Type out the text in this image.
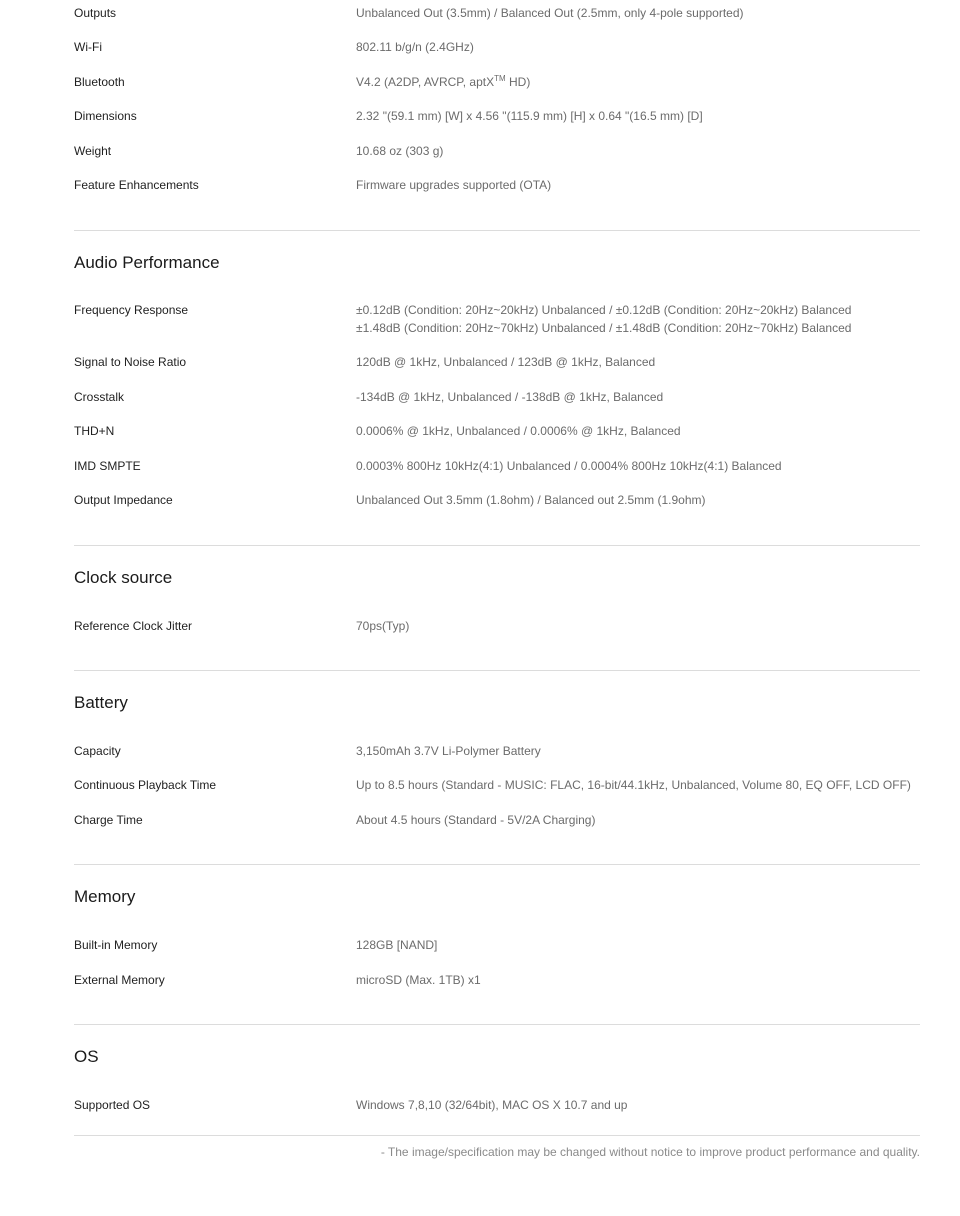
Outputs	Unbalanced Out (3.5mm) / Balanced Out (2.5mm, only 4-pole supported)
Wi-Fi	802.11 b/g/n (2.4GHz)
Bluetooth	V4.2 (A2DP, AVRCP, aptX™ HD)
Dimensions	2.32 "(59.1 mm) [W] x 4.56 "(115.9 mm) [H] x 0.64 "(16.5 mm) [D]
Weight	10.68 oz (303 g)
Feature Enhancements	Firmware upgrades supported (OTA)
Audio Performance
Frequency Response	±0.12dB (Condition: 20Hz~20kHz) Unbalanced / ±0.12dB (Condition: 20Hz~20kHz) Balanced
±1.48dB (Condition: 20Hz~70kHz) Unbalanced / ±1.48dB (Condition: 20Hz~70kHz) Balanced
Signal to Noise Ratio	120dB @ 1kHz, Unbalanced / 123dB @ 1kHz, Balanced
Crosstalk	-134dB @ 1kHz, Unbalanced / -138dB @ 1kHz, Balanced
THD+N	0.0006% @ 1kHz, Unbalanced / 0.0006% @ 1kHz, Balanced
IMD SMPTE	0.0003% 800Hz 10kHz(4:1) Unbalanced / 0.0004% 800Hz 10kHz(4:1) Balanced
Output Impedance	Unbalanced Out 3.5mm (1.8ohm) / Balanced out 2.5mm (1.9ohm)
Clock source
Reference Clock Jitter	70ps(Typ)
Battery
Capacity	3,150mAh 3.7V Li-Polymer Battery
Continuous Playback Time	Up to 8.5 hours (Standard - MUSIC: FLAC, 16-bit/44.1kHz, Unbalanced, Volume 80, EQ OFF, LCD OFF)
Charge Time	About 4.5 hours (Standard - 5V/2A Charging)
Memory
Built-in Memory	128GB [NAND]
External Memory	microSD (Max. 1TB) x1
OS
Supported OS	Windows 7,8,10 (32/64bit), MAC OS X 10.7 and up
- The image/specification may be changed without notice to improve product performance and quality.
